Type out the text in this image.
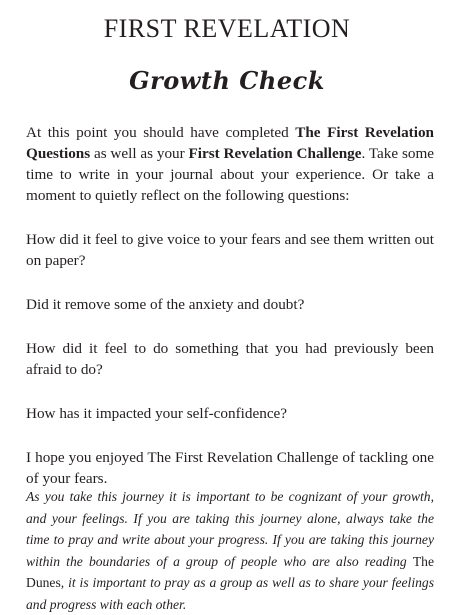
FIRST REVELATION
Growth Check

At this point you should have completed The First Revelation Questions as well as your First Revelation Challenge. Take some time to write in your journal about your experience. Or take a moment to quietly reflect on the following questions:

How did it feel to give voice to your fears and see them written out on paper?

Did it remove some of the anxiety and doubt?

How did it feel to do something that you had previously been afraid to do?

How has it impacted your self-confidence?

I hope you enjoyed The First Revelation Challenge of tackling one of your fears.

As you take this journey it is important to be cognizant of your growth, and your feelings. If you are taking this journey alone, always take the time to pray and write about your progress. If you are taking this journey within the boundaries of a group of people who are also reading The Dunes, it is important to pray as a group as well as to share your feelings and progress with each other.
